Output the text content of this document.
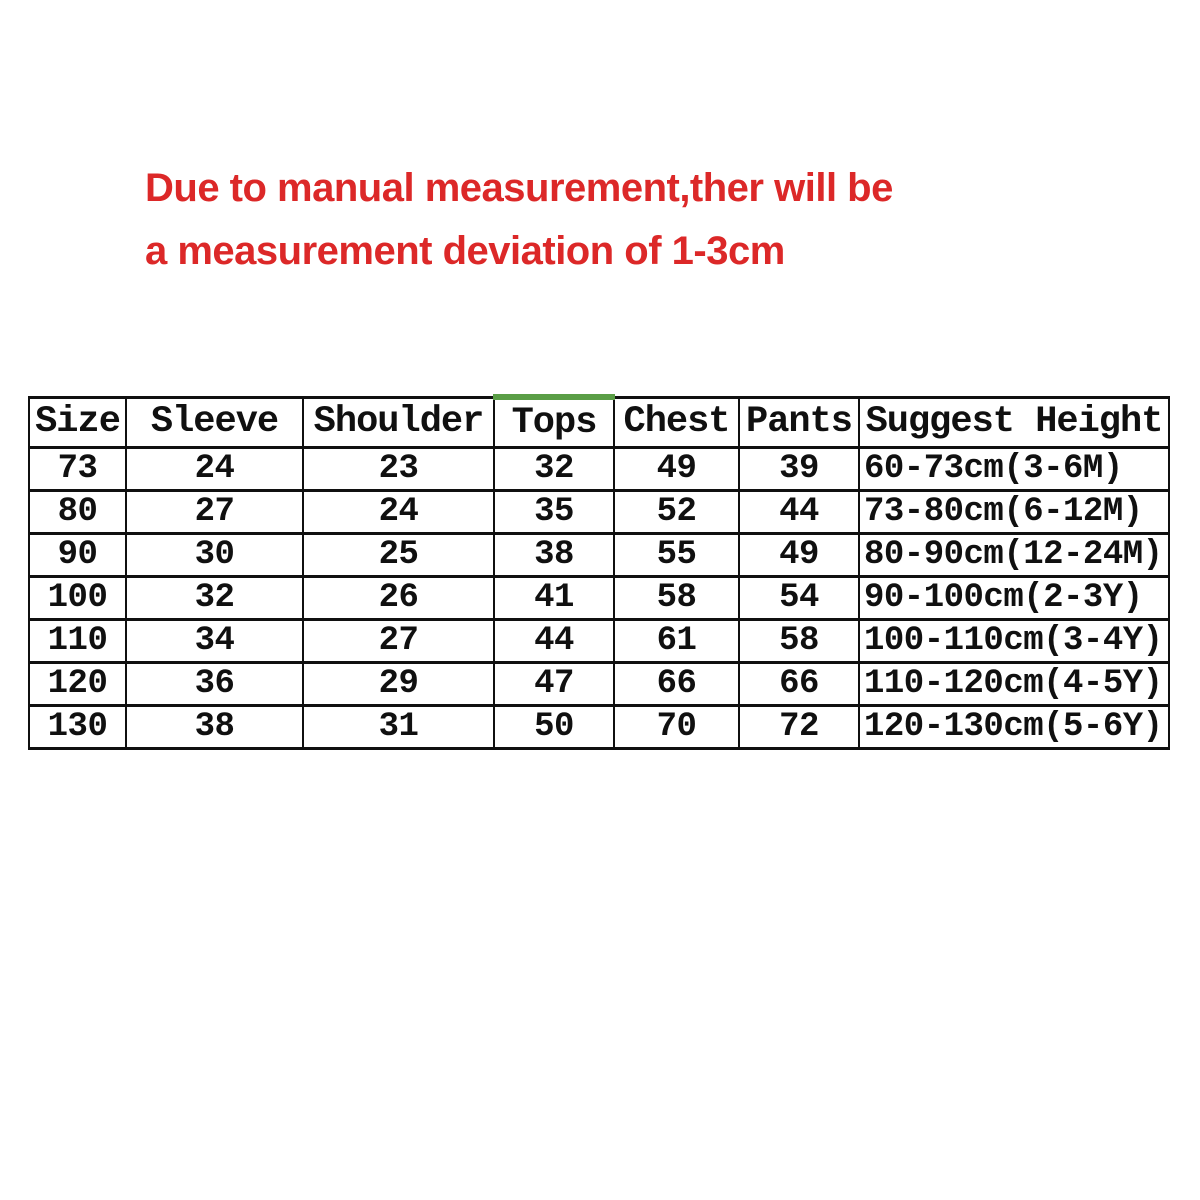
Due to manual measurement,ther will be
a measurement deviation of 1-3cm
Size	Sleeve	Shoulder	Tops	Chest	Pants	Suggest Height
73	24	23	32	49	39	60-73cm(3-6M)
80	27	24	35	52	44	73-80cm(6-12M)
90	30	25	38	55	49	80-90cm(12-24M)
100	32	26	41	58	54	90-100cm(2-3Y)
110	34	27	44	61	58	100-110cm(3-4Y)
120	36	29	47	66	66	110-120cm(4-5Y)
130	38	31	50	70	72	120-130cm(5-6Y)
